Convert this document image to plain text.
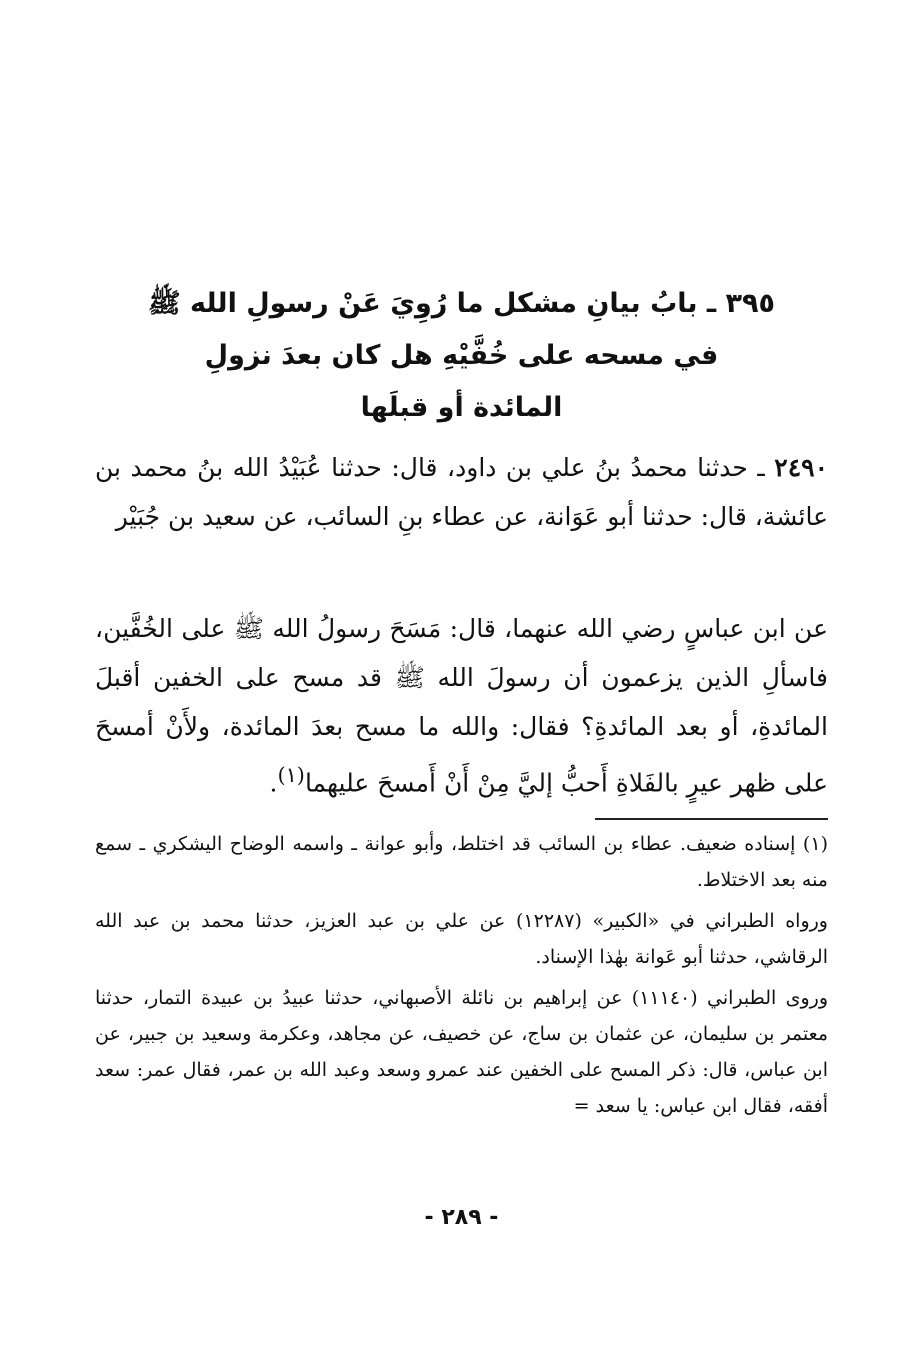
٣٩٥ ـ بابُ بيانِ مشكل ما رُوِيَ عَنْ رسولِ الله ﷺ
في مسحه على خُفَّيْهِ هل كان بعدَ نزولِ
المائدة أو قبلَها
٢٤٩٠ ـ حدثنا محمدُ بنُ علي بن داود، قال: حدثنا عُبَيْدُ الله بنُ محمد بن عائشة، قال: حدثنا أبو عَوَانة، عن عطاء بنِ السائب، عن سعيد بن جُبَيْر
عن ابن عباسٍ رضي الله عنهما، قال: مَسَحَ رسولُ الله ﷺ على الخُفَّين، فاسألِ الذين يزعمون أن رسولَ الله ﷺ قد مسح على الخفين أقبلَ المائدةِ، أو بعد المائدةِ؟ فقال: والله ما مسح بعدَ المائدة، ولأَنْ أمسحَ على ظهر عيرٍ بالفَلاةِ أَحبُّ إليَّ مِنْ أَنْ أَمسحَ عليهما$^{(١)}$.

(١) إسناده ضعيف. عطاء بن السائب قد اختلط، وأبو عوانة ـ واسمه الوضاح اليشكري ـ سمع منه بعد الاختلاط.

ورواه الطبراني في «الكبير» (١٢٢٨٧) عن علي بن عبد العزيز، حدثنا محمد بن عبد الله الرقاشي، حدثنا أبو عَوانة بهٰذا الإسناد.

وروى الطبراني (١١١٤٠) عن إبراهيم بن نائلة الأصبهاني، حدثنا عبيدُ بن عبيدة التمار، حدثنا معتمر بن سليمان، عن عثمان بن ساج، عن خصيف، عن مجاهد، وعكرمة وسعيد بن جبير، عن ابن عباس، قال: ذكر المسح على الخفين عند عمرو وسعد وعبد الله بن عمر، فقال عمر: سعد أفقه، فقال ابن عباس: يا سعد =

- ٢٨٩ -
